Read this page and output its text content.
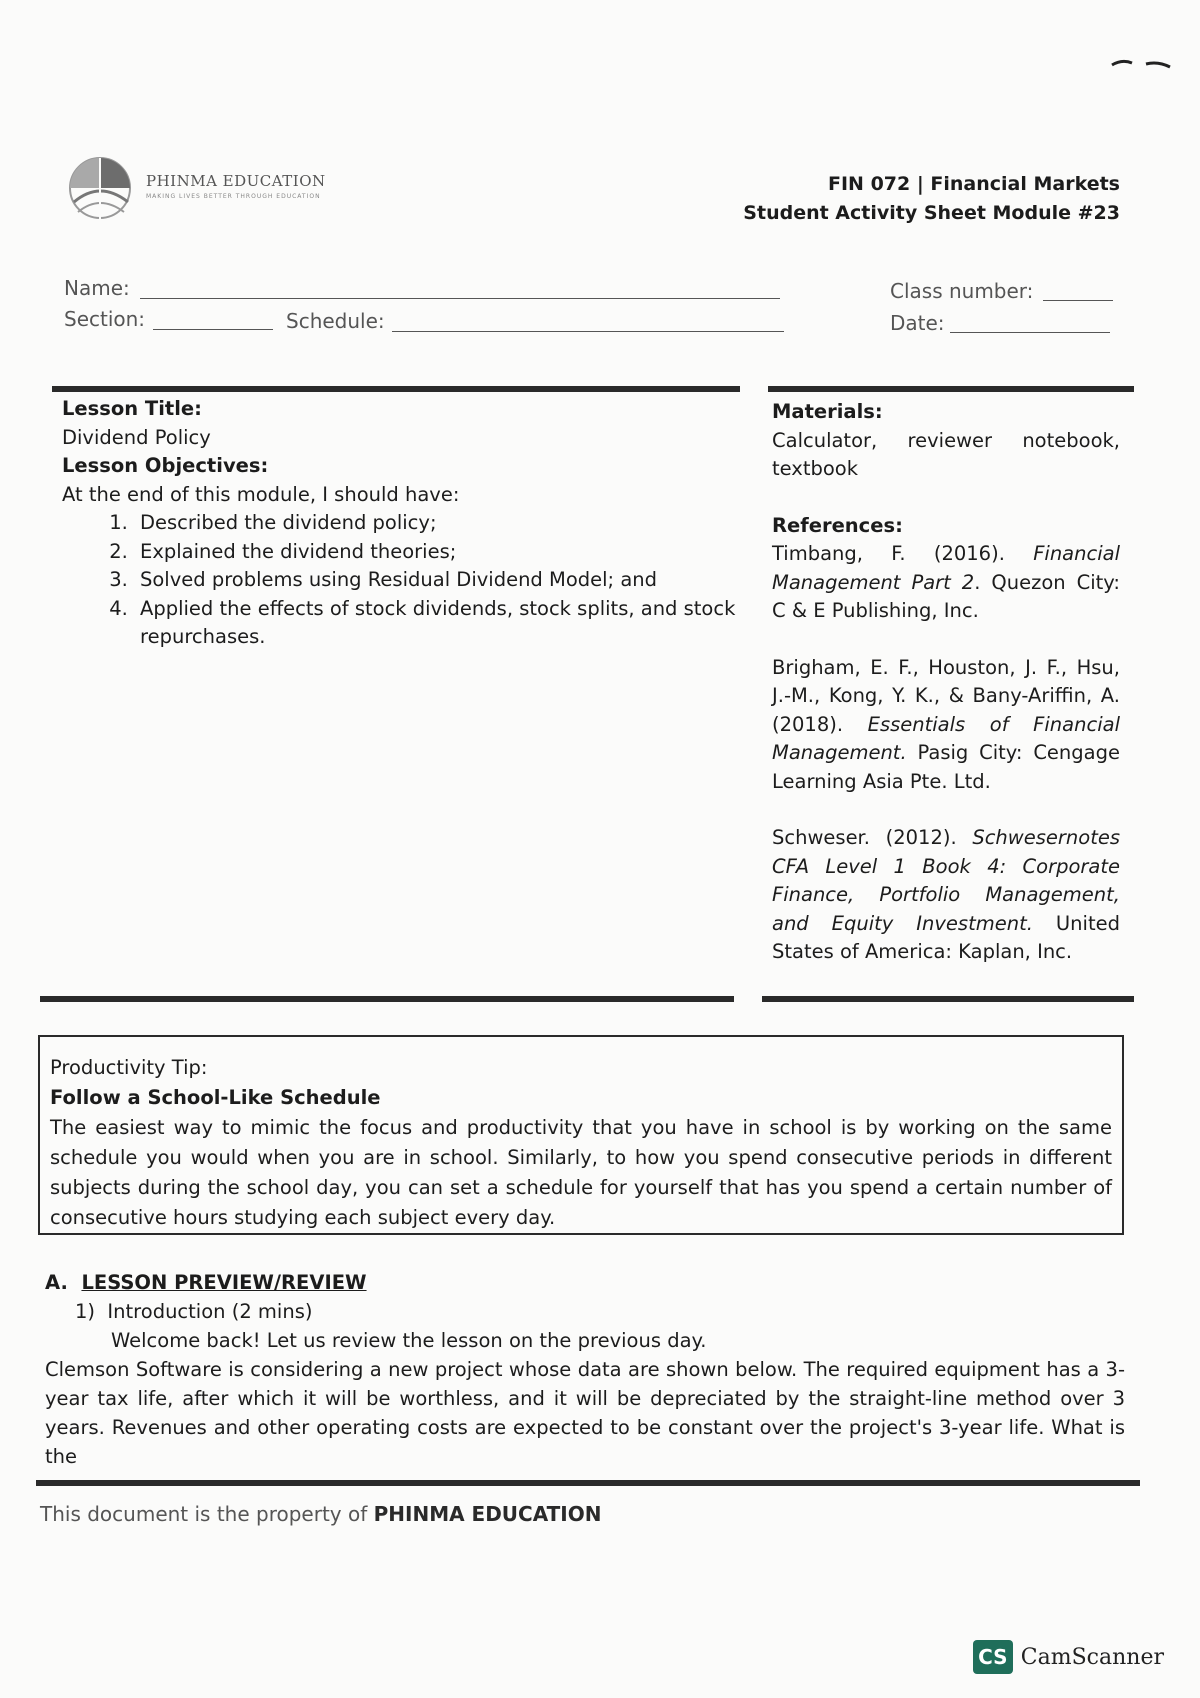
PHINMA EDUCATION
MAKING LIVES BETTER THROUGH EDUCATION
FIN 072 | Financial Markets
Student Activity Sheet Module #23
Name:
Section:	Schedule:
Class number:
Date:
Lesson Title:
Dividend Policy
Lesson Objectives:
At the end of this module, I should have:
1. Described the dividend policy;
2. Explained the dividend theories;
3. Solved problems using Residual Dividend Model; and
4. Applied the effects of stock dividends, stock splits, and stock repurchases.
Materials:
Calculator, reviewer notebook, textbook
References:
Timbang, F. (2016). Financial Management Part 2. Quezon City: C & E Publishing, Inc.
Brigham, E. F., Houston, J. F., Hsu, J.-M., Kong, Y. K., & Bany-Ariffin, A. (2018). Essentials of Financial Management. Pasig City: Cengage Learning Asia Pte. Ltd.
Schweser. (2012). Schwesernotes CFA Level 1 Book 4: Corporate Finance, Portfolio Management, and Equity Investment. United States of America: Kaplan, Inc.
Productivity Tip:
Follow a School-Like Schedule
The easiest way to mimic the focus and productivity that you have in school is by working on the same schedule you would when you are in school. Similarly, to how you spend consecutive periods in different subjects during the school day, you can set a schedule for yourself that has you spend a certain number of consecutive hours studying each subject every day.
A. LESSON PREVIEW/REVIEW
1) Introduction (2 mins)
Welcome back! Let us review the lesson on the previous day.
Clemson Software is considering a new project whose data are shown below. The required equipment has a 3-year tax life, after which it will be worthless, and it will be depreciated by the straight-line method over 3 years. Revenues and other operating costs are expected to be constant over the project's 3-year life. What is the
This document is the property of PHINMA EDUCATION
CS CamScanner
